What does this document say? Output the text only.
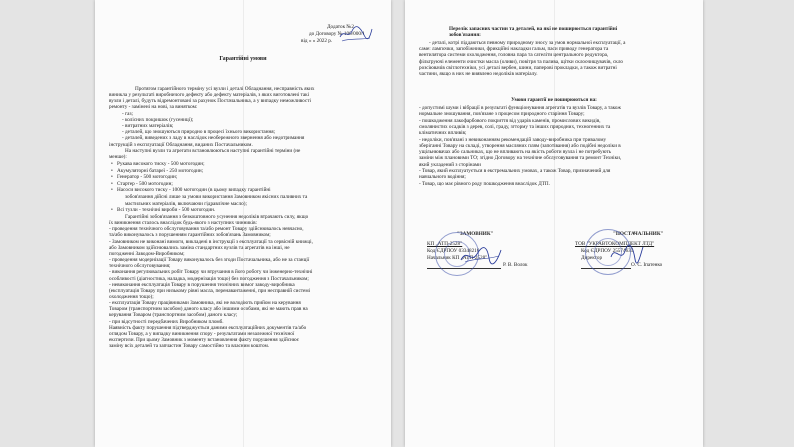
Додаток №2
до Договору № 100/000/1
від « » 2022 р.
Гарантійні умови
Протягом гарантійного терміну усі вузли і деталі Обладнання, несправність яких
виникла у результаті виробничого дефекту або дефекту матеріалів, з яких виготовлені такі
вузли і деталі, будуть відремонтовані за рахунок Постачальника, а у випадку неможливості
ремонту - замінені на нові, за винятком:
- газ;
- колісних покришок (гусениці);
- витратних матеріалів;
- деталей, що зношуються природно в процесі їхнього використання;
- деталей, виведених з ладу в наслідок необережного звернення або недотримання
інструкцій з експлуатації Обладнання, виданих Постачальником.
На наступні вузли та агрегати встановлюються наступні гарантійні терміни (не
менше):
Рукава високого тиску - 500 мотогодин;
Акумуляторні батареї - 250 мотогодин;
Генератор - 500 мотогодин;
Стартер - 500 мотогодин;
Насоси високого тиску - 1000 мотогодин (в цьому випадку гарантійні
зобов'язання дійсні лише за умови використання Замовником якісних паливних та
мастильних матеріалів, включаючи гідравлічне масло);
Всі тузли - технічні вироби - 500 мотогодин.
•
•
•
•
•
•
Гарантійні зобов'язання з безкоштовного усунення недоліків втрачають силу, якщо
їх виникнення сталось внаслідок будь-якого з наступних чинників:
- проведення технічного обслуговування та/або ремонт Товару здійснювалось невчасно,
та/або виконувалось з порушенням гарантійних зобов'язань Замовником;
- Замовником не виконані вимоги, викладені в інструкції з експлуатації та сервісній книжці,
або Замовником здійснювались заміна стандартних вузлів та агрегатів на інші, не
погодженні Заводом-Виробником;
- проведення модернізації Товару виконувалось без згоди Постачальника, або не за станції
технічного обслуговування;
- виконання регулювальних робіт Товару чи втручання в його роботу чи інженерно-технічні
особливості (діагностика, наладка, модернізація тощо) без погодження з Постачальником;
- невиконання експлуатація Товару в порушення технічних вимог заводу-виробника
(експлуатація Товару при низькому рівні масла, перенавантаженні, при несправній системі
охолодження тощо);
- експлуатація Товару працівниками Замовника, які не володіють прийом на керування
Товаром (транспортним засобом) даного класу або іншими особами, які не мають прав на
керування Товаром (транспортним засобом) даного класу;
- при відсутності передбачених Виробником пломб.
Наявність факту порушення підтверджується даними експлуатаційних документів та/або
оглядом Товару, а у випадку виникнення спору - результатами незалежної технічної
експертизи. При цьому Замовник з моменту встановлення факту порушення здійснює
заміну всіх деталей та запчастин Товару самостійно та власним коштом.
Перелік запасних частин та деталей, на які не поширюється гарантійні
зобов'язання:
- деталі, котрі піддаються певному природному зносу за умов нормальної експлуатації, а
саме: лампочки, запобіжники, фрикційні накладки гальм, паси приводу генератора та
вентилятора системи охолодження, головна пара та сателіти центрального редуктора,
фільтруючі елементи очистки масла (оливи), повітря та палива, щітки склоочищувачів, скло
розсіювачів світлотехніки, усі деталі вербен, шини, паперові прокладки, а також витратні
частини, якщо в них не виявлено недоліків матеріалу.
Умови гарантії не поширюються на:
- допустимі шуми і вібрації в результаті функціонування агрегатів та вузлів Товару, а також
нормальне зношування, пов'язане з процесом природного старіння Товару;
- пошкодження лакофарбового покриття від ударів каменів, промислових викидів,
смолянистих осадків з дерев, солі, граду, згторму та інших природних, техногенних та
кліматичних впливів;
- недоліки, пов'язані з невиконанням рекомендацій заводу-виробника при тривалому
зберіганні Товару на складі, утворення масляних плям (запотівання) або подібні недоліки в
ущільнювачах або сальниках, що не впливають на якість роботи вузла і не потребують
заміни між плановими ТО; згідно Договору на технічне обслуговування та ремонт Техніки,
який укладений з сторінами
- Товар, який експлуатується в екстремальних умовах, а також Товар, призначений для
навчального водіння;
- Товар, що має рівного роду пошкодження внаслідок ДТП.
"ЗАМОВНИК"
КП „АТП-2528"
Код ЄДРПОУ 03348216
Начальник КП „АТП-2528"
Р. В. Волок
"ПОСТАЧАЛЬНИК"
ТОВ "УКРАВТОКОМПЛЕКТ ЛТД"
Код ЄДРПОУ 25574635
Директор
О. С. Іпатенко
